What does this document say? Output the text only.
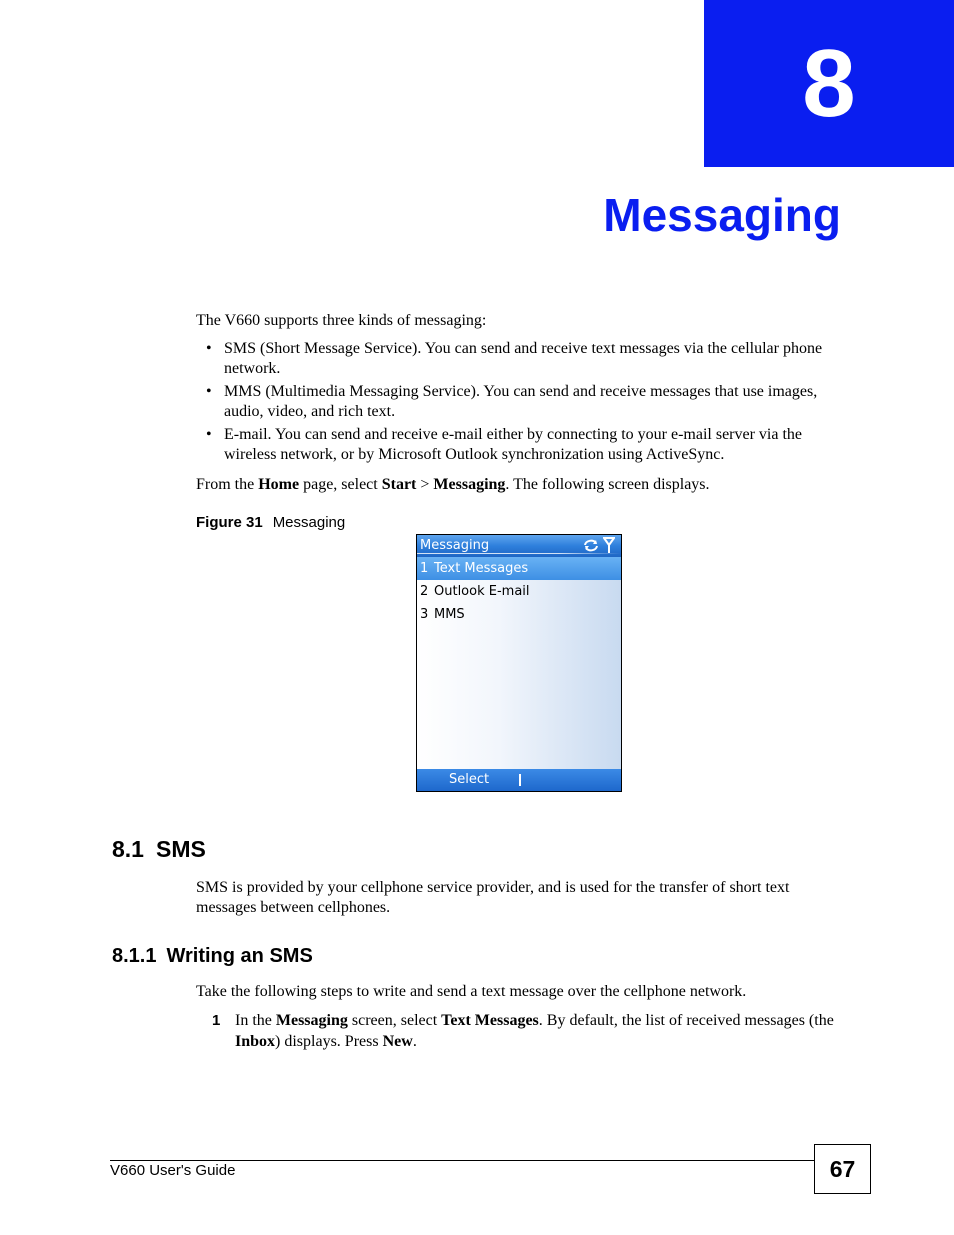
8
Messaging
The V660 supports three kinds of messaging:
• SMS (Short Message Service). You can send and receive text messages via the cellular phone network.
• MMS (Multimedia Messaging Service). You can send and receive messages that use images, audio, video, and rich text.
• E-mail. You can send and receive e-mail either by connecting to your e-mail server via the wireless network, or by Microsoft Outlook synchronization using ActiveSync.
From the Home page, select Start > Messaging. The following screen displays.
Figure 31 Messaging
Messaging
1 Text Messages
2 Outlook E-mail
3 MMS
Select
8.1 SMS
SMS is provided by your cellphone service provider, and is used for the transfer of short text messages between cellphones.
8.1.1 Writing an SMS
Take the following steps to write and send a text message over the cellphone network.
1 In the Messaging screen, select Text Messages. By default, the list of received messages (the Inbox) displays. Press New.
V660 User's Guide	67
